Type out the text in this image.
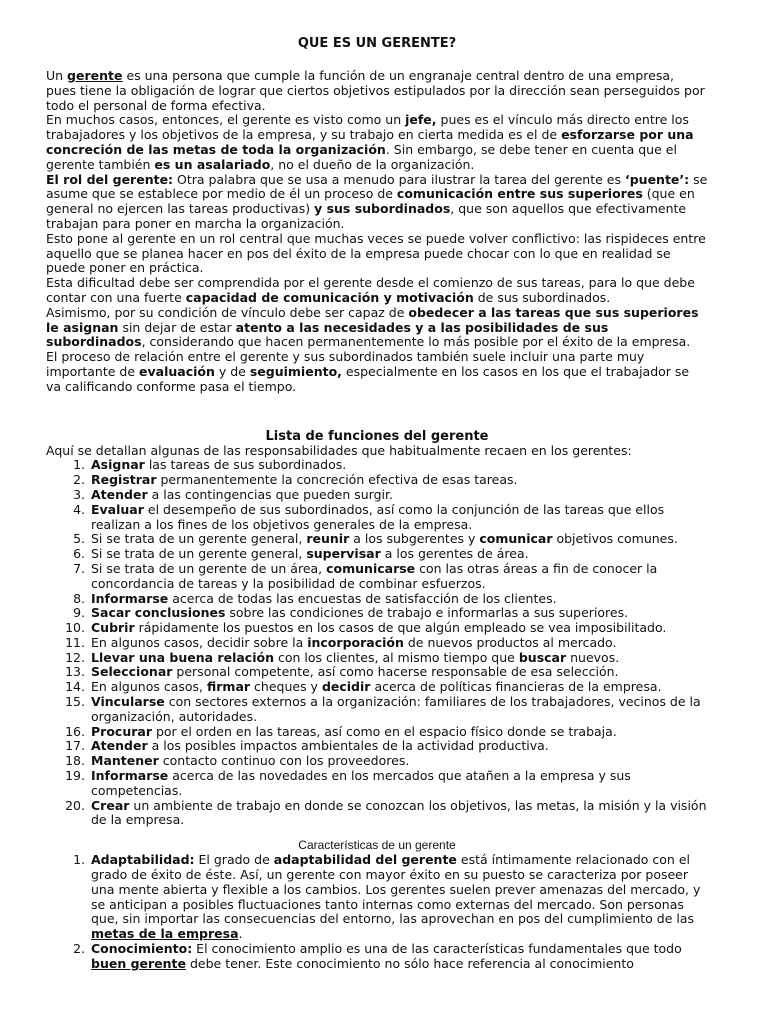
QUE ES UN GERENTE?

Un gerente es una persona que cumple la función de un engranaje central dentro de una empresa, pues tiene la obligación de lograr que ciertos objetivos estipulados por la dirección sean perseguidos por todo el personal de forma efectiva.

En muchos casos, entonces, el gerente es visto como un jefe, pues es el vínculo más directo entre los trabajadores y los objetivos de la empresa, y su trabajo en cierta medida es el de esforzarse por una concreción de las metas de toda la organización. Sin embargo, se debe tener en cuenta que el gerente también es un asalariado, no el dueño de la organización.

El rol del gerente: Otra palabra que se usa a menudo para ilustrar la tarea del gerente es ‘puente’: se asume que se establece por medio de él un proceso de comunicación entre sus superiores (que en general no ejercen las tareas productivas) y sus subordinados, que son aquellos que efectivamente trabajan para poner en marcha la organización.

Esto pone al gerente en un rol central que muchas veces se puede volver conflictivo: las rispideces entre aquello que se planea hacer en pos del éxito de la empresa puede chocar con lo que en realidad se puede poner en práctica.

Esta dificultad debe ser comprendida por el gerente desde el comienzo de sus tareas, para lo que debe contar con una fuerte capacidad de comunicación y motivación de sus subordinados.

Asimismo, por su condición de vínculo debe ser capaz de obedecer a las tareas que sus superiores le asignan sin dejar de estar atento a las necesidades y a las posibilidades de sus subordinados, considerando que hacen permanentemente lo más posible por el éxito de la empresa.

El proceso de relación entre el gerente y sus subordinados también suele incluir una parte muy importante de evaluación y de seguimiento, especialmente en los casos en los que el trabajador se va calificando conforme pasa el tiempo.

Lista de funciones del gerente

Aquí se detallan algunas de las responsabilidades que habitualmente recaen en los gerentes:

1. Asignar las tareas de sus subordinados.
2. Registrar permanentemente la concreción efectiva de esas tareas.
3. Atender a las contingencias que pueden surgir.
4. Evaluar el desempeño de sus subordinados, así como la conjunción de las tareas que ellos realizan a los fines de los objetivos generales de la empresa.
5. Si se trata de un gerente general, reunir a los subgerentes y comunicar objetivos comunes.
6. Si se trata de un gerente general, supervisar a los gerentes de área.
7. Si se trata de un gerente de un área, comunicarse con las otras áreas a fin de conocer la concordancia de tareas y la posibilidad de combinar esfuerzos.
8. Informarse acerca de todas las encuestas de satisfacción de los clientes.
9. Sacar conclusiones sobre las condiciones de trabajo e informarlas a sus superiores.
10. Cubrir rápidamente los puestos en los casos de que algún empleado se vea imposibilitado.
11. En algunos casos, decidir sobre la incorporación de nuevos productos al mercado.
12. Llevar una buena relación con los clientes, al mismo tiempo que buscar nuevos.
13. Seleccionar personal competente, así como hacerse responsable de esa selección.
14. En algunos casos, firmar cheques y decidir acerca de políticas financieras de la empresa.
15. Vincularse con sectores externos a la organización: familiares de los trabajadores, vecinos de la organización, autoridades.
16. Procurar por el orden en las tareas, así como en el espacio físico donde se trabaja.
17. Atender a los posibles impactos ambientales de la actividad productiva.
18. Mantener contacto continuo con los proveedores.
19. Informarse acerca de las novedades en los mercados que atañen a la empresa y sus competencias.
20. Crear un ambiente de trabajo en donde se conozcan los objetivos, las metas, la misión y la visión de la empresa.
Características de un gerente
1. Adaptabilidad: El grado de adaptabilidad del gerente está íntimamente relacionado con el grado de éxito de éste. Así, un gerente con mayor éxito en su puesto se caracteriza por poseer una mente abierta y flexible a los cambios. Los gerentes suelen prever amenazas del mercado, y se anticipan a posibles fluctuaciones tanto internas como externas del mercado. Son personas que, sin importar las consecuencias del entorno, las aprovechan en pos del cumplimiento de las metas de la empresa.
2. Conocimiento: El conocimiento amplio es una de las características fundamentales que todo buen gerente debe tener. Este conocimiento no sólo hace referencia al conocimiento
